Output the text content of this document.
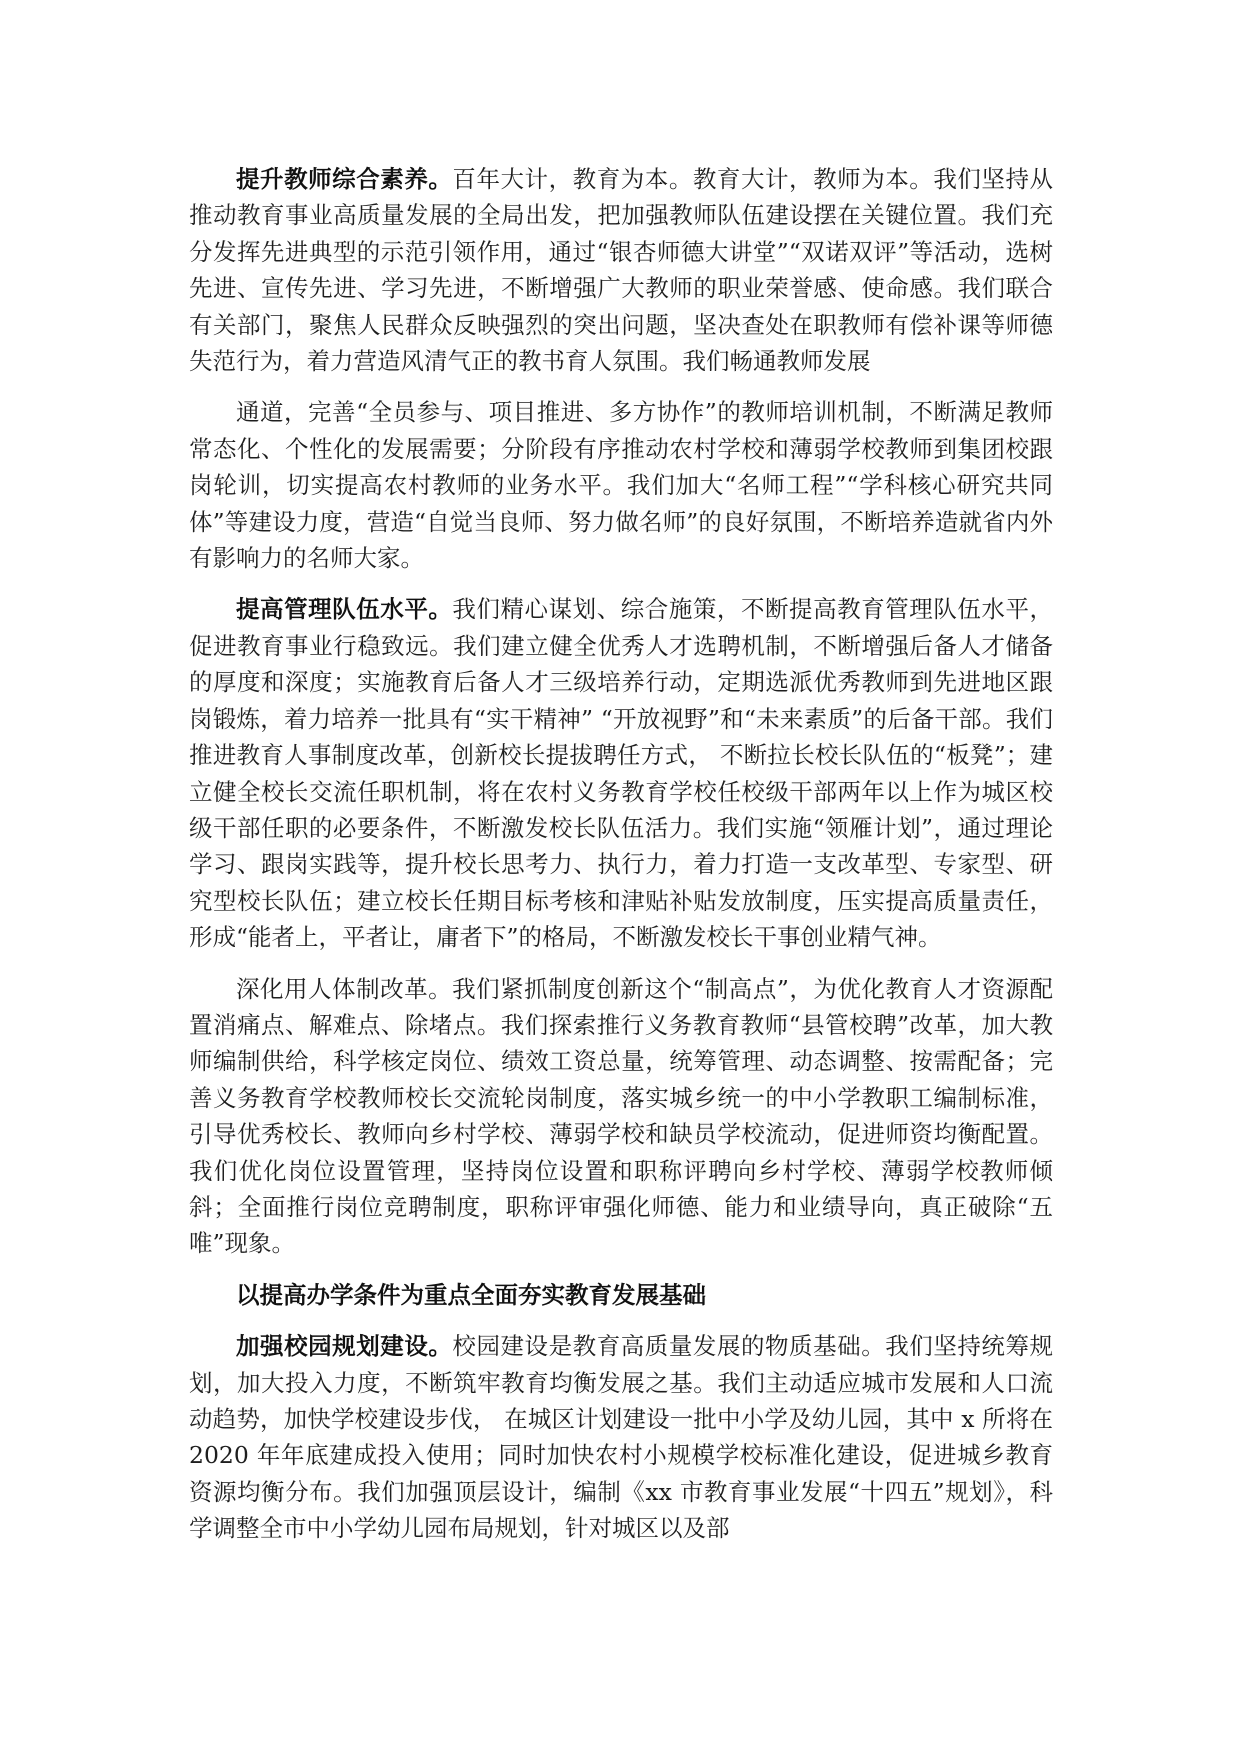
提升教师综合素养。百年大计，教育为本。教育大计，教师为本。我们坚持从推动教育事业高质量发展的全局出发，把加强教师队伍建设摆在关键位置。我们充分发挥先进典型的示范引领作用，通过“银杏师德大讲堂”“双诺双评”等活动，选树先进、宣传先进、学习先进，不断增强广大教师的职业荣誉感、使命感。我们联合有关部门，聚焦人民群众反映强烈的突出问题，坚决查处在职教师有偿补课等师德失范行为，着力营造风清气正的教书育人氛围。我们畅通教师发展

通道，完善“全员参与、项目推进、多方协作”的教师培训机制，不断满足教师常态化、个性化的发展需要；分阶段有序推动农村学校和薄弱学校教师到集团校跟岗轮训，切实提高农村教师的业务水平。我们加大“名师工程”“学科核心研究共同体”等建设力度，营造“自觉当良师、努力做名师”的良好氛围，不断培养造就省内外有影响力的名师大家。

提高管理队伍水平。我们精心谋划、综合施策，不断提高教育管理队伍水平，促进教育事业行稳致远。我们建立健全优秀人才选聘机制，不断增强后备人才储备的厚度和深度；实施教育后备人才三级培养行动，定期选派优秀教师到先进地区跟岗锻炼，着力培养一批具有“实干精神” “开放视野”和“未来素质”的后备干部。我们推进教育人事制度改革，创新校长提拔聘任方式， 不断拉长校长队伍的“板凳”；建立健全校长交流任职机制，将在农村义务教育学校任校级干部两年以上作为城区校级干部任职的必要条件，不断激发校长队伍活力。我们实施“领雁计划”，通过理论学习、跟岗实践等，提升校长思考力、执行力，着力打造一支改革型、专家型、研究型校长队伍；建立校长任期目标考核和津贴补贴发放制度，压实提高质量责任，形成“能者上，平者让，庸者下”的格局，不断激发校长干事创业精气神。

深化用人体制改革。我们紧抓制度创新这个“制高点”，为优化教育人才资源配置消痛点、解难点、除堵点。我们探索推行义务教育教师“县管校聘”改革，加大教师编制供给，科学核定岗位、绩效工资总量，统筹管理、动态调整、按需配备；完善义务教育学校教师校长交流轮岗制度，落实城乡统一的中小学教职工编制标准，引导优秀校长、教师向乡村学校、薄弱学校和缺员学校流动，促进师资均衡配置。我们优化岗位设置管理，坚持岗位设置和职称评聘向乡村学校、薄弱学校教师倾斜；全面推行岗位竞聘制度，职称评审强化师德、能力和业绩导向，真正破除“五唯”现象。

以提高办学条件为重点全面夯实教育发展基础

加强校园规划建设。校园建设是教育高质量发展的物质基础。我们坚持统筹规划，加大投入力度，不断筑牢教育均衡发展之基。我们主动适应城市发展和人口流动趋势，加快学校建设步伐， 在城区计划建设一批中小学及幼儿园，其中 x 所将在 2020 年年底建成投入使用；同时加快农村小规模学校标准化建设，促进城乡教育资源均衡分布。我们加强顶层设计，编制《xx 市教育事业发展“十四五”规划》，科学调整全市中小学幼儿园布局规划，针对城区以及部
